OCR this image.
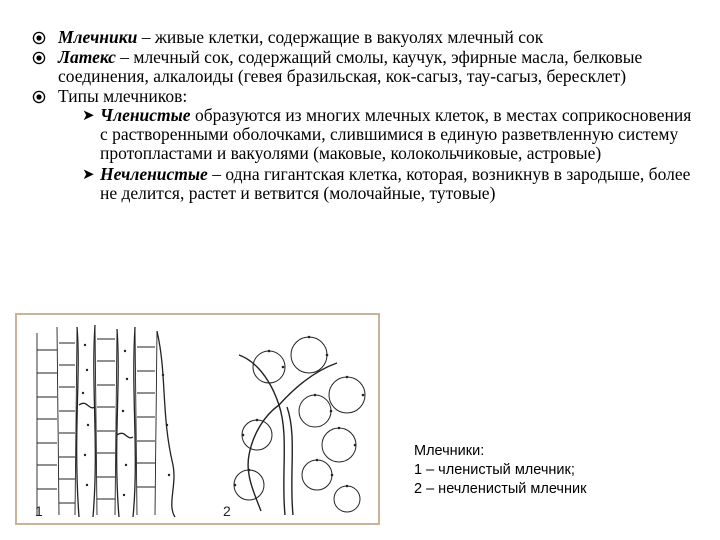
Млечники – живые клетки, содержащие в вакуолях млечный сок

Латекс – млечный сок, содержащий смолы, каучук, эфирные масла, белковые соединения, алкалоиды (гевея бразильская, кок-сагыз, тау-сагыз, бересклет)

Типы млечников:

➤ Членистые образуются из многих млечных клеток, в местах соприкосновения с растворенными оболочками, слившимися в единую разветвленную систему протопластами и вакуолями (маковые, колокольчиковые, астровые)
➤ Нечленистые – одна гигантская клетка, которая, возникнув в зародыше, более не делится, растет и ветвится (молочайные, тутовые)
1	2
Млечники:
1 – членистый млечник;
2 – нечленистый млечник
